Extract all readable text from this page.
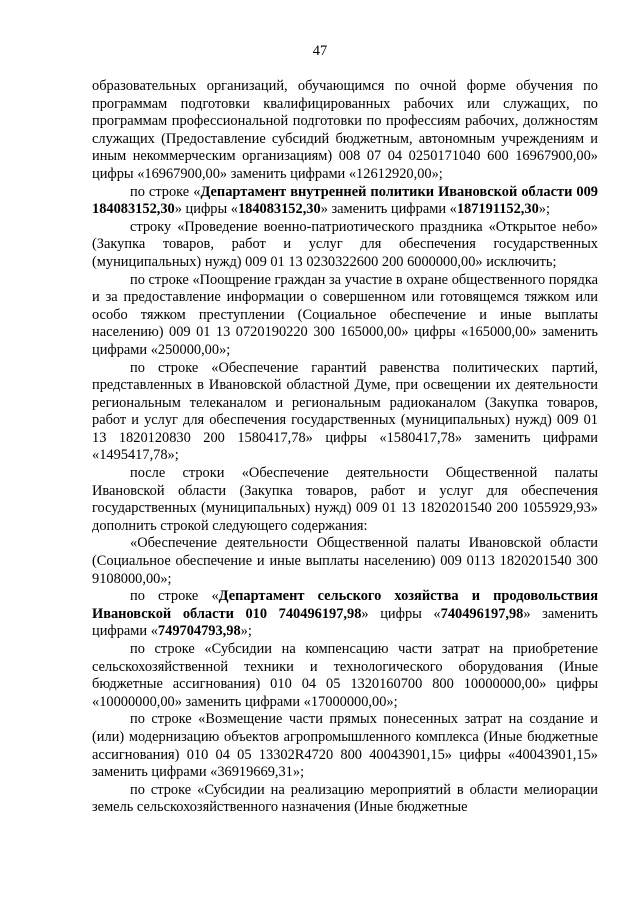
47

образовательных организаций, обучающимся по очной форме обучения по программам подготовки квалифицированных рабочих или служащих, по программам профессиональной подготовки по профессиям рабочих, должностям служащих (Предоставление субсидий бюджетным, автономным учреждениям и иным некоммерческим организациям) 008 07 04 0250171040 600 16967900,00» цифры «16967900,00» заменить цифрами «12612920,00»;

по строке «Департамент внутренней политики Ивановской области 009 184083152,30» цифры «184083152,30» заменить цифрами «187191152,30»;

строку «Проведение военно-патриотического праздника «Открытое небо» (Закупка товаров, работ и услуг для обеспечения государственных (муниципальных) нужд) 009 01 13 0230322600 200 6000000,00» исключить;

по строке «Поощрение граждан за участие в охране общественного порядка и за предоставление информации о совершенном или готовящемся тяжком или особо тяжком преступлении (Социальное обеспечение и иные выплаты населению) 009 01 13 0720190220 300 165000,00» цифры «165000,00» заменить цифрами «250000,00»;

по строке «Обеспечение гарантий равенства политических партий, представленных в Ивановской областной Думе, при освещении их деятельности региональным телеканалом и региональным радиоканалом (Закупка товаров, работ и услуг для обеспечения государственных (муниципальных) нужд) 009 01 13 1820120830 200 1580417,78» цифры «1580417,78» заменить цифрами «1495417,78»;

после строки «Обеспечение деятельности Общественной палаты Ивановской области (Закупка товаров, работ и услуг для обеспечения государственных (муниципальных) нужд) 009 01 13 1820201540 200 1055929,93» дополнить строкой следующего содержания:

«Обеспечение деятельности Общественной палаты Ивановской области (Социальное обеспечение и иные выплаты населению) 009 0113 1820201540 300 9108000,00»;

по строке «Департамент сельского хозяйства и продовольствия Ивановской области 010 740496197,98» цифры «740496197,98» заменить цифрами «749704793,98»;

по строке «Субсидии на компенсацию части затрат на приобретение сельскохозяйственной техники и технологического оборудования (Иные бюджетные ассигнования) 010 04 05 1320160700 800 10000000,00» цифры «10000000,00» заменить цифрами «17000000,00»;

по строке «Возмещение части прямых понесенных затрат на создание и (или) модернизацию объектов агропромышленного комплекса (Иные бюджетные ассигнования) 010 04 05 13302R4720 800 40043901,15» цифры «40043901,15» заменить цифрами «36919669,31»;

по строке «Субсидии на реализацию мероприятий в области мелиорации земель сельскохозяйственного назначения (Иные бюджетные
